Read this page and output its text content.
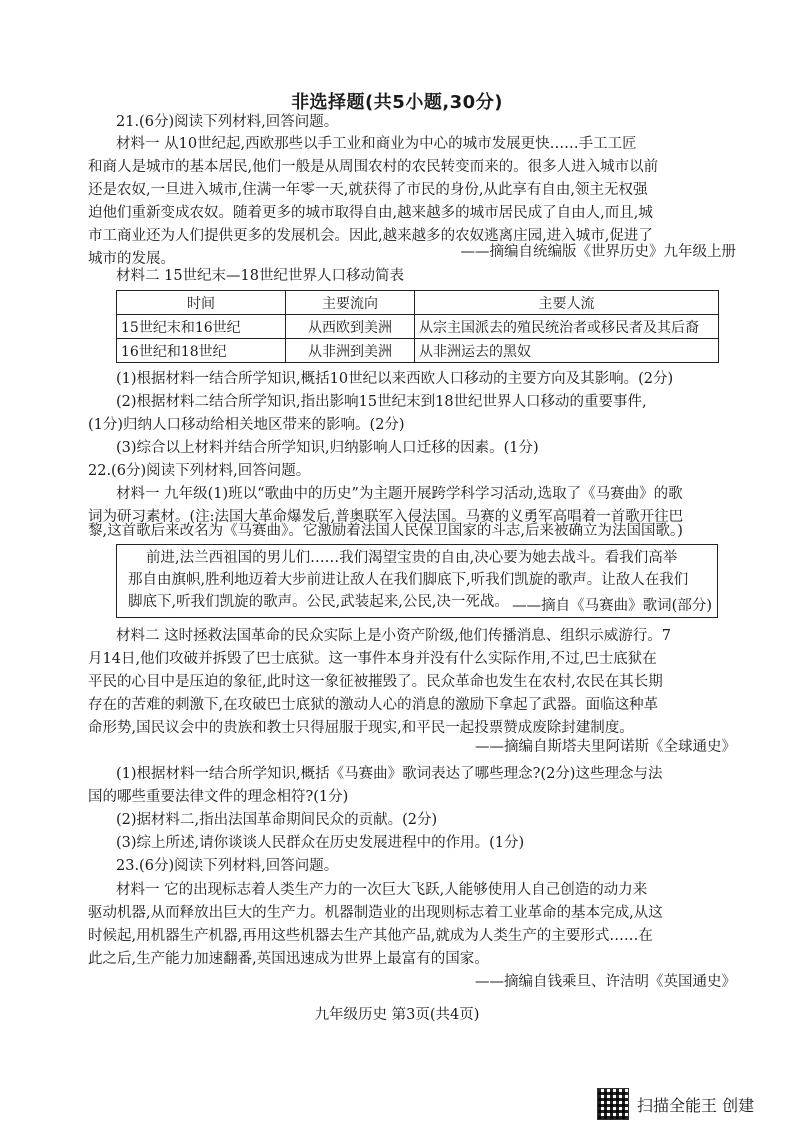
非选择题(共5小题,30分)
21.(6分)阅读下列材料,回答问题。
材料一 从10世纪起,西欧那些以手工业和商业为中心的城市发展更快……手工工匠
和商人是城市的基本居民,他们一般是从周围农村的农民转变而来的。很多人进入城市以前
还是农奴,一旦进入城市,住满一年零一天,就获得了市民的身份,从此享有自由,领主无权强
迫他们重新变成农奴。随着更多的城市取得自由,越来越多的城市居民成了自由人,而且,城
市工商业还为人们提供更多的发展机会。因此,越来越多的农奴逃离庄园,进入城市,促进了
城市的发展。	——摘编自统编版《世界历史》九年级上册
材料二 15世纪末—18世纪世界人口移动简表
时间	主要流向	主要人流
15世纪末和16世纪	从西欧到美洲	从宗主国派去的殖民统治者或移民者及其后裔
16世纪和18世纪	从非洲到美洲	从非洲运去的黑奴
(1)根据材料一结合所学知识,概括10世纪以来西欧人口移动的主要方向及其影响。(2分)
(2)根据材料二结合所学知识,指出影响15世纪末到18世纪世界人口移动的重要事件,
(1分)归纳人口移动给相关地区带来的影响。(2分)
(3)综合以上材料并结合所学知识,归纳影响人口迁移的因素。(1分)
22.(6分)阅读下列材料,回答问题。
材料一 九年级(1)班以“歌曲中的历史”为主题开展跨学科学习活动,选取了《马赛曲》的歌
词为研习素材。(注:法国大革命爆发后,普奥联军入侵法国。马赛的义勇军高唱着一首歌开往巴
黎,这首歌后来改名为《马赛曲》。它激励着法国人民保卫国家的斗志,后来被确立为法国国歌。)
前进,法兰西祖国的男儿们……我们渴望宝贵的自由,决心要为她去战斗。看我们高举
那自由旗帜,胜利地迈着大步前进让敌人在我们脚底下,听我们凯旋的歌声。让敌人在我们
脚底下,听我们凯旋的歌声。公民,武装起来,公民,决一死战。 ——摘自《马赛曲》歌词(部分)
材料二 这时拯救法国革命的民众实际上是小资产阶级,他们传播消息、组织示威游行。7
月14日,他们攻破并拆毁了巴士底狱。这一事件本身并没有什么实际作用,不过,巴士底狱在
平民的心目中是压迫的象征,此时这一象征被摧毁了。民众革命也发生在农村,农民在其长期
存在的苦难的刺激下,在攻破巴士底狱的激动人心的消息的激励下拿起了武器。面临这种革
命形势,国民议会中的贵族和教士只得屈服于现实,和平民一起投票赞成废除封建制度。
——摘编自斯塔夫里阿诺斯《全球通史》
(1)根据材料一结合所学知识,概括《马赛曲》歌词表达了哪些理念?(2分)这些理念与法
国的哪些重要法律文件的理念相符?(1分)
(2)据材料二,指出法国革命期间民众的贡献。(2分)
(3)综上所述,请你谈谈人民群众在历史发展进程中的作用。(1分)
23.(6分)阅读下列材料,回答问题。
材料一 它的出现标志着人类生产力的一次巨大飞跃,人能够使用人自己创造的动力来
驱动机器,从而释放出巨大的生产力。机器制造业的出现则标志着工业革命的基本完成,从这
时候起,用机器生产机器,再用这些机器去生产其他产品,就成为人类生产的主要形式……在
此之后,生产能力加速翻番,英国迅速成为世界上最富有的国家。
——摘编自钱乘旦、许洁明《英国通史》
九年级历史 第3页(共4页)
扫描全能王 创建
